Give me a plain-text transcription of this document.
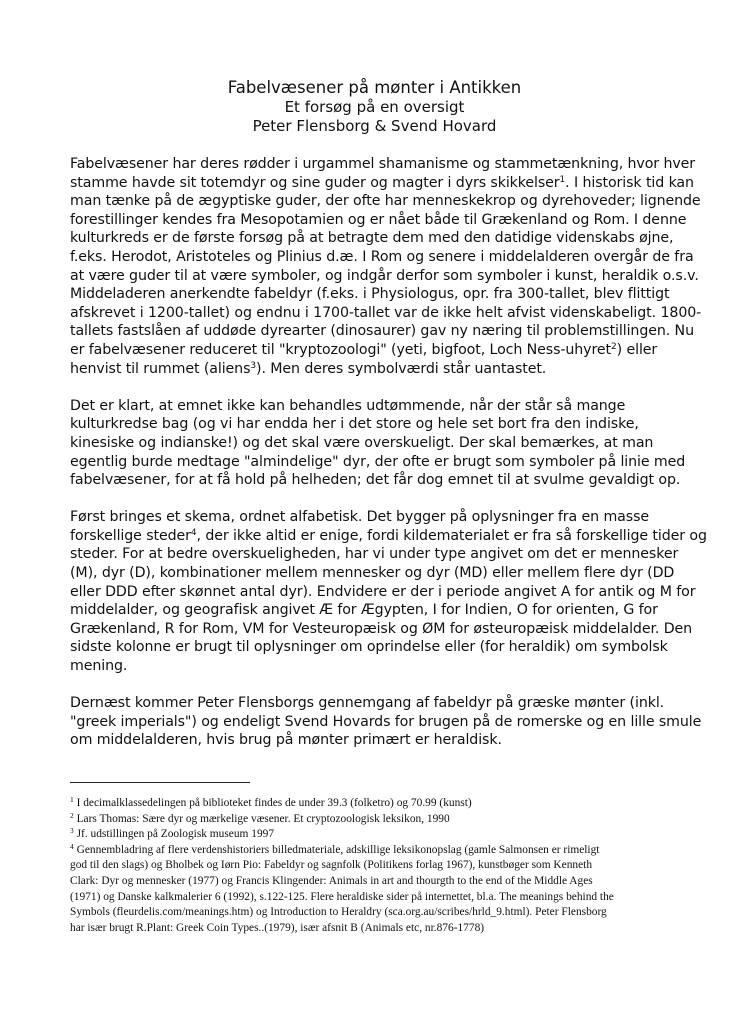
Fabelvæsener på mønter i Antikken
Et forsøg på en oversigt
Peter Flensborg & Svend Hovard

Fabelvæsener har deres rødder i urgammel shamanisme og stammetænkning, hvor hver
stamme havde sit totemdyr og sine guder og magter i dyrs skikkelser$^1$. I historisk tid kan
man tænke på de ægyptiske guder, der ofte har menneskekrop og dyrehoveder; lignende
forestillinger kendes fra Mesopotamien og er nået både til Grækenland og Rom. I denne
kulturkreds er de første forsøg på at betragte dem med den datidige videnskabs øjne,
f.eks. Herodot, Aristoteles og Plinius d.æ. I Rom og senere i middelalderen overgår de fra
at være guder til at være symboler, og indgår derfor som symboler i kunst, heraldik o.s.v.
Middeladeren anerkendte fabeldyr (f.eks. i Physiologus, opr. fra 300-tallet, blev flittigt
afskrevet i 1200-tallet) og endnu i 1700-tallet var de ikke helt afvist videnskabeligt. 1800-
tallets fastslåen af uddøde dyrearter (dinosaurer) gav ny næring til problemstillingen. Nu
er fabelvæsener reduceret til "kryptozoologi" (yeti, bigfoot, Loch Ness-uhyret$^2$) eller
henvist til rummet (aliens$^3$). Men deres symbolværdi står uantastet.

Det er klart, at emnet ikke kan behandles udtømmende, når der står så mange
kulturkredse bag (og vi har endda her i det store og hele set bort fra den indiske,
kinesiske og indianske!) og det skal være overskueligt. Der skal bemærkes, at man
egentlig burde medtage "almindelige" dyr, der ofte er brugt som symboler på linie med
fabelvæsener, for at få hold på helheden; det får dog emnet til at svulme gevaldigt op.

Først bringes et skema, ordnet alfabetisk. Det bygger på oplysninger fra en masse
forskellige steder$^4$, der ikke altid er enige, fordi kildematerialet er fra så forskellige tider og
steder. For at bedre overskueligheden, har vi under type angivet om det er mennesker
(M), dyr (D), kombinationer mellem mennesker og dyr (MD) eller mellem flere dyr (DD
eller DDD efter skønnet antal dyr). Endvidere er der i periode angivet A for antik og M for
middelalder, og geografisk angivet Æ for Ægypten, I for Indien, O for orienten, G for
Grækenland, R for Rom, VM for Vesteuropæisk og ØM for østeuropæisk middelalder. Den
sidste kolonne er brugt til oplysninger om oprindelse eller (for heraldik) om symbolsk
mening.

Dernæst kommer Peter Flensborgs gennemgang af fabeldyr på græske mønter (inkl.
"greek imperials") og endeligt Svend Hovards for brugen på de romerske og en lille smule
om middelalderen, hvis brug på mønter primært er heraldisk.

$^1$ I decimalklassedelingen på biblioteket findes de under 39.3 (folketro) og 70.99 (kunst)
$^2$ Lars Thomas: Sære dyr og mærkelige væsener. Et cryptozoologisk leksikon, 1990
$^3$ Jf. udstillingen på Zoologisk museum 1997
$^4$ Gennembladring af flere verdenshistoriers billedmateriale, adskillige leksikonopslag (gamle Salmonsen er rimeligt
god til den slags) og Bholbek og Iørn Pio: Fabeldyr og sagnfolk (Politikens forlag 1967), kunstbøger som Kenneth
Clark: Dyr og mennesker (1977) og Francis Klingender: Animals in art and thourgth to the end of the Middle Ages
(1971) og Danske kalkmalerier 6 (1992), s.122-125. Flere heraldiske sider på internettet, bl.a. The meanings behind the
Symbols (fleurdelis.com/meanings.htm) og Introduction to Heraldry (sca.org.au/scribes/hrld_9.html). Peter Flensborg
har især brugt R.Plant: Greek Coin Types..(1979), især afsnit B (Animals etc, nr.876-1778)
